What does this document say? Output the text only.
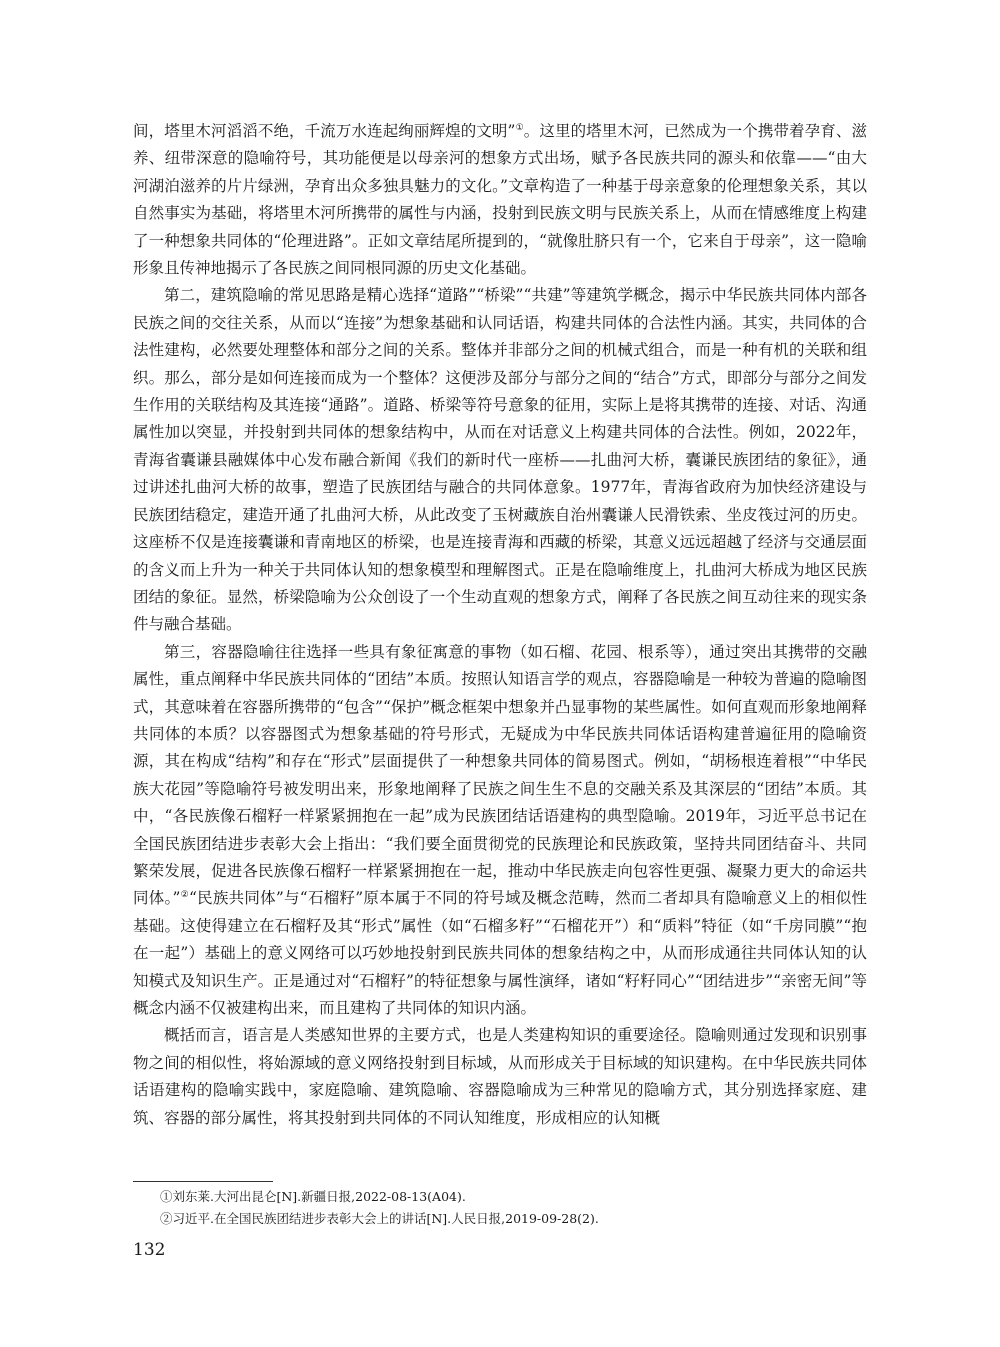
间，塔里木河滔滔不绝，千流万水连起绚丽辉煌的文明”①。这里的塔里木河，已然成为一个携带着孕育、滋养、纽带深意的隐喻符号，其功能便是以母亲河的想象方式出场，赋予各民族共同的源头和依靠——“由大河湖泊滋养的片片绿洲，孕育出众多独具魅力的文化。”文章构造了一种基于母亲意象的伦理想象关系，其以自然事实为基础，将塔里木河所携带的属性与内涵，投射到民族文明与民族关系上，从而在情感维度上构建了一种想象共同体的“伦理进路”。正如文章结尾所提到的，“就像肚脐只有一个，它来自于母亲”，这一隐喻形象且传神地揭示了各民族之间同根同源的历史文化基础。

第二，建筑隐喻的常见思路是精心选择“道路”“桥梁”“共建”等建筑学概念，揭示中华民族共同体内部各民族之间的交往关系，从而以“连接”为想象基础和认同话语，构建共同体的合法性内涵。其实，共同体的合法性建构，必然要处理整体和部分之间的关系。整体并非部分之间的机械式组合，而是一种有机的关联和组织。那么，部分是如何连接而成为一个整体？这便涉及部分与部分之间的“结合”方式，即部分与部分之间发生作用的关联结构及其连接“通路”。道路、桥梁等符号意象的征用，实际上是将其携带的连接、对话、沟通属性加以突显，并投射到共同体的想象结构中，从而在对话意义上构建共同体的合法性。例如，2022年，青海省囊谦县融媒体中心发布融合新闻《我们的新时代一座桥——扎曲河大桥，囊谦民族团结的象征》，通过讲述扎曲河大桥的故事，塑造了民族团结与融合的共同体意象。1977年，青海省政府为加快经济建设与民族团结稳定，建造开通了扎曲河大桥，从此改变了玉树藏族自治州囊谦人民滑铁索、坐皮筏过河的历史。这座桥不仅是连接囊谦和青南地区的桥梁，也是连接青海和西藏的桥梁，其意义远远超越了经济与交通层面的含义而上升为一种关于共同体认知的想象模型和理解图式。正是在隐喻维度上，扎曲河大桥成为地区民族团结的象征。显然，桥梁隐喻为公众创设了一个生动直观的想象方式，阐释了各民族之间互动往来的现实条件与融合基础。

第三，容器隐喻往往选择一些具有象征寓意的事物（如石榴、花园、根系等），通过突出其携带的交融属性，重点阐释中华民族共同体的“团结”本质。按照认知语言学的观点，容器隐喻是一种较为普遍的隐喻图式，其意味着在容器所携带的“包含”“保护”概念框架中想象并凸显事物的某些属性。如何直观而形象地阐释共同体的本质？以容器图式为想象基础的符号形式，无疑成为中华民族共同体话语构建普遍征用的隐喻资源，其在构成“结构”和存在“形式”层面提供了一种想象共同体的简易图式。例如，“胡杨根连着根”“中华民族大花园”等隐喻符号被发明出来，形象地阐释了民族之间生生不息的交融关系及其深层的“团结”本质。其中，“各民族像石榴籽一样紧紧拥抱在一起”成为民族团结话语建构的典型隐喻。2019年，习近平总书记在全国民族团结进步表彰大会上指出：“我们要全面贯彻党的民族理论和民族政策，坚持共同团结奋斗、共同繁荣发展，促进各民族像石榴籽一样紧紧拥抱在一起，推动中华民族走向包容性更强、凝聚力更大的命运共同体。”②“民族共同体”与“石榴籽”原本属于不同的符号域及概念范畴，然而二者却具有隐喻意义上的相似性基础。这使得建立在石榴籽及其“形式”属性（如“石榴多籽”“石榴花开”）和“质料”特征（如“千房同膜”“抱在一起”）基础上的意义网络可以巧妙地投射到民族共同体的想象结构之中，从而形成通往共同体认知的认知模式及知识生产。正是通过对“石榴籽”的特征想象与属性演绎，诸如“籽籽同心”“团结进步”“亲密无间”等概念内涵不仅被建构出来，而且建构了共同体的知识内涵。

概括而言，语言是人类感知世界的主要方式，也是人类建构知识的重要途径。隐喻则通过发现和识别事物之间的相似性，将始源域的意义网络投射到目标域，从而形成关于目标域的知识建构。在中华民族共同体话语建构的隐喻实践中，家庭隐喻、建筑隐喻、容器隐喻成为三种常见的隐喻方式，其分别选择家庭、建筑、容器的部分属性，将其投射到共同体的不同认知维度，形成相应的认知概

①刘东莱.大河出昆仑[N].新疆日报,2022-08-13(A04).

②习近平.在全国民族团结进步表彰大会上的讲话[N].人民日报,2019-09-28(2).

132
